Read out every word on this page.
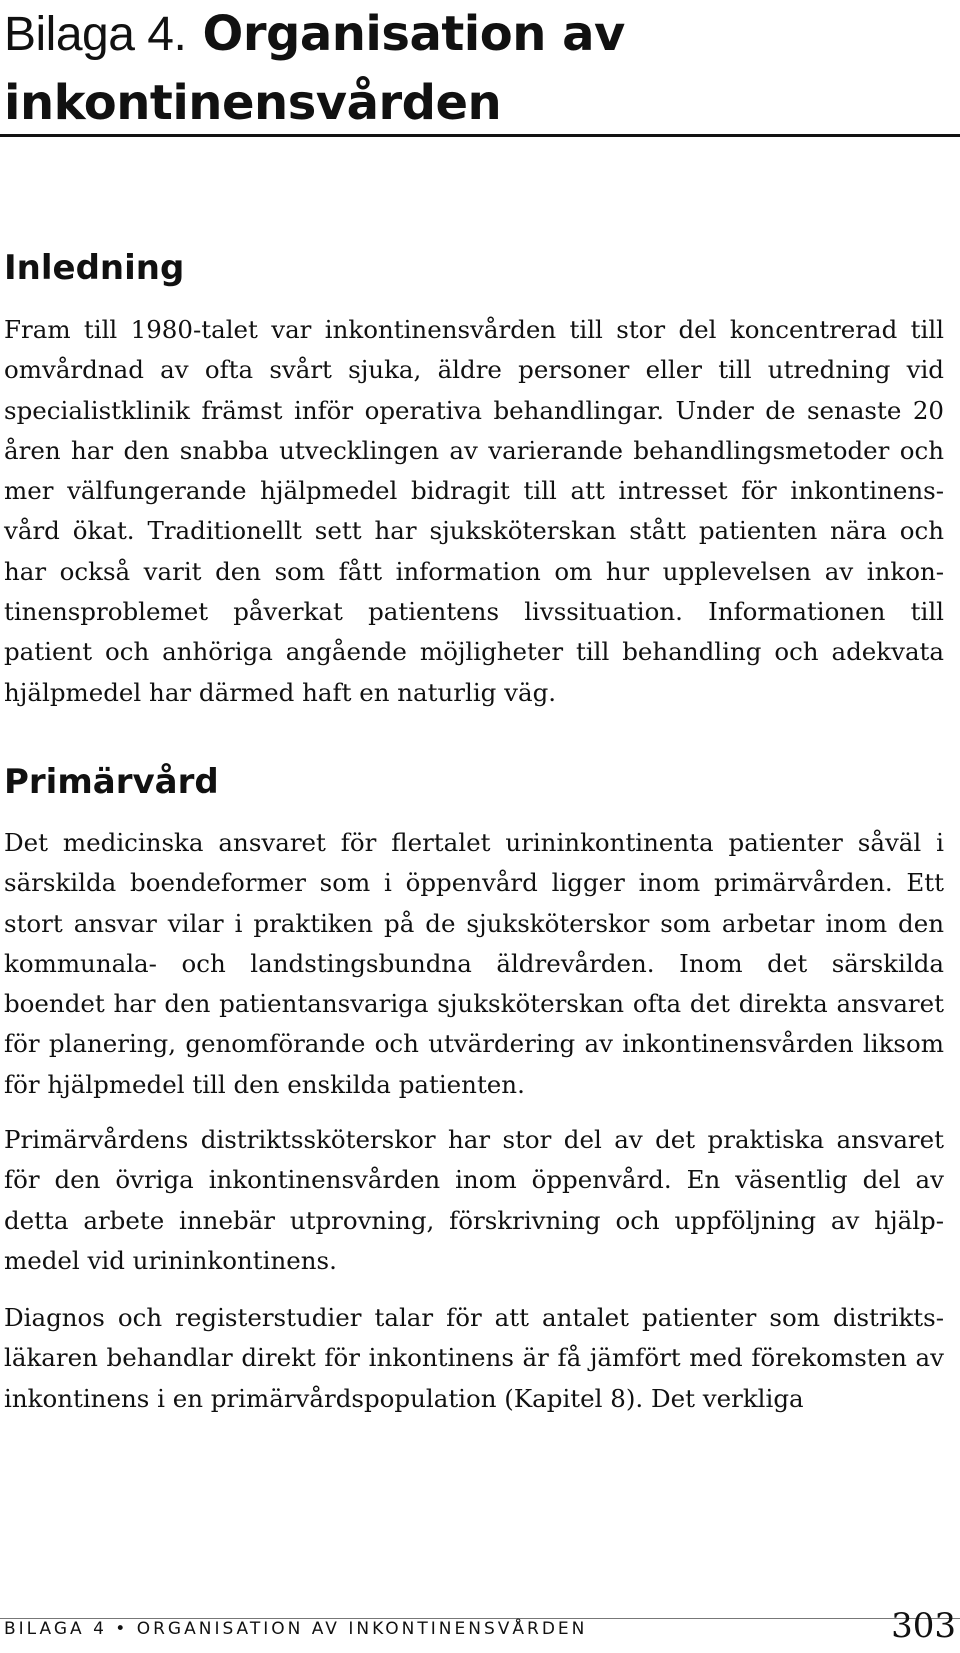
Bilaga 4. Organisation av inkontinensvården
Inledning

Fram till 1980-talet var inkontinensvården till stor del koncentrerad till omvårdnad av ofta svårt sjuka, äldre personer eller till utredning vid specialistklinik främst inför operativa behandlingar. Under de senaste 20 åren har den snabba utvecklingen av varierande behandlingsmetoder och mer välfungerande hjälpmedel bidragit till att intresset för inkontinensvård ökat. Traditionellt sett har sjuksköterskan stått patienten nära och har också varit den som fått information om hur upplevelsen av inkontinensproblemet påverkat patientens livssituation. Informationen till patient och anhöriga angående möjligheter till behandling och adekvata hjälpmedel har därmed haft en naturlig väg.

Primärvård

Det medicinska ansvaret för flertalet urininkontinenta patienter såväl i särskilda boendeformer som i öppenvård ligger inom primärvården. Ett stort ansvar vilar i praktiken på de sjuksköterskor som arbetar inom den kommunala- och landstingsbundna äldrevården. Inom det särskilda boendet har den patientansvariga sjuksköterskan ofta det direkta ansvaret för planering, genomförande och utvärdering av inkontinensvården liksom för hjälpmedel till den enskilda patienten.

Primärvårdens distriktssköterskor har stor del av det praktiska ansvaret för den övriga inkontinensvården inom öppenvård. En väsentlig del av detta arbete innebär utprovning, förskrivning och uppföljning av hjälpmedel vid urininkontinens.

Diagnos och registerstudier talar för att antalet patienter som distriktsläkaren behandlar direkt för inkontinens är få jämfört med förekomsten av inkontinens i en primärvårdspopulation (Kapitel 8). Det verkliga

BILAGA 4 • ORGANISATION AV INKONTINENSVÅRDEN	303
